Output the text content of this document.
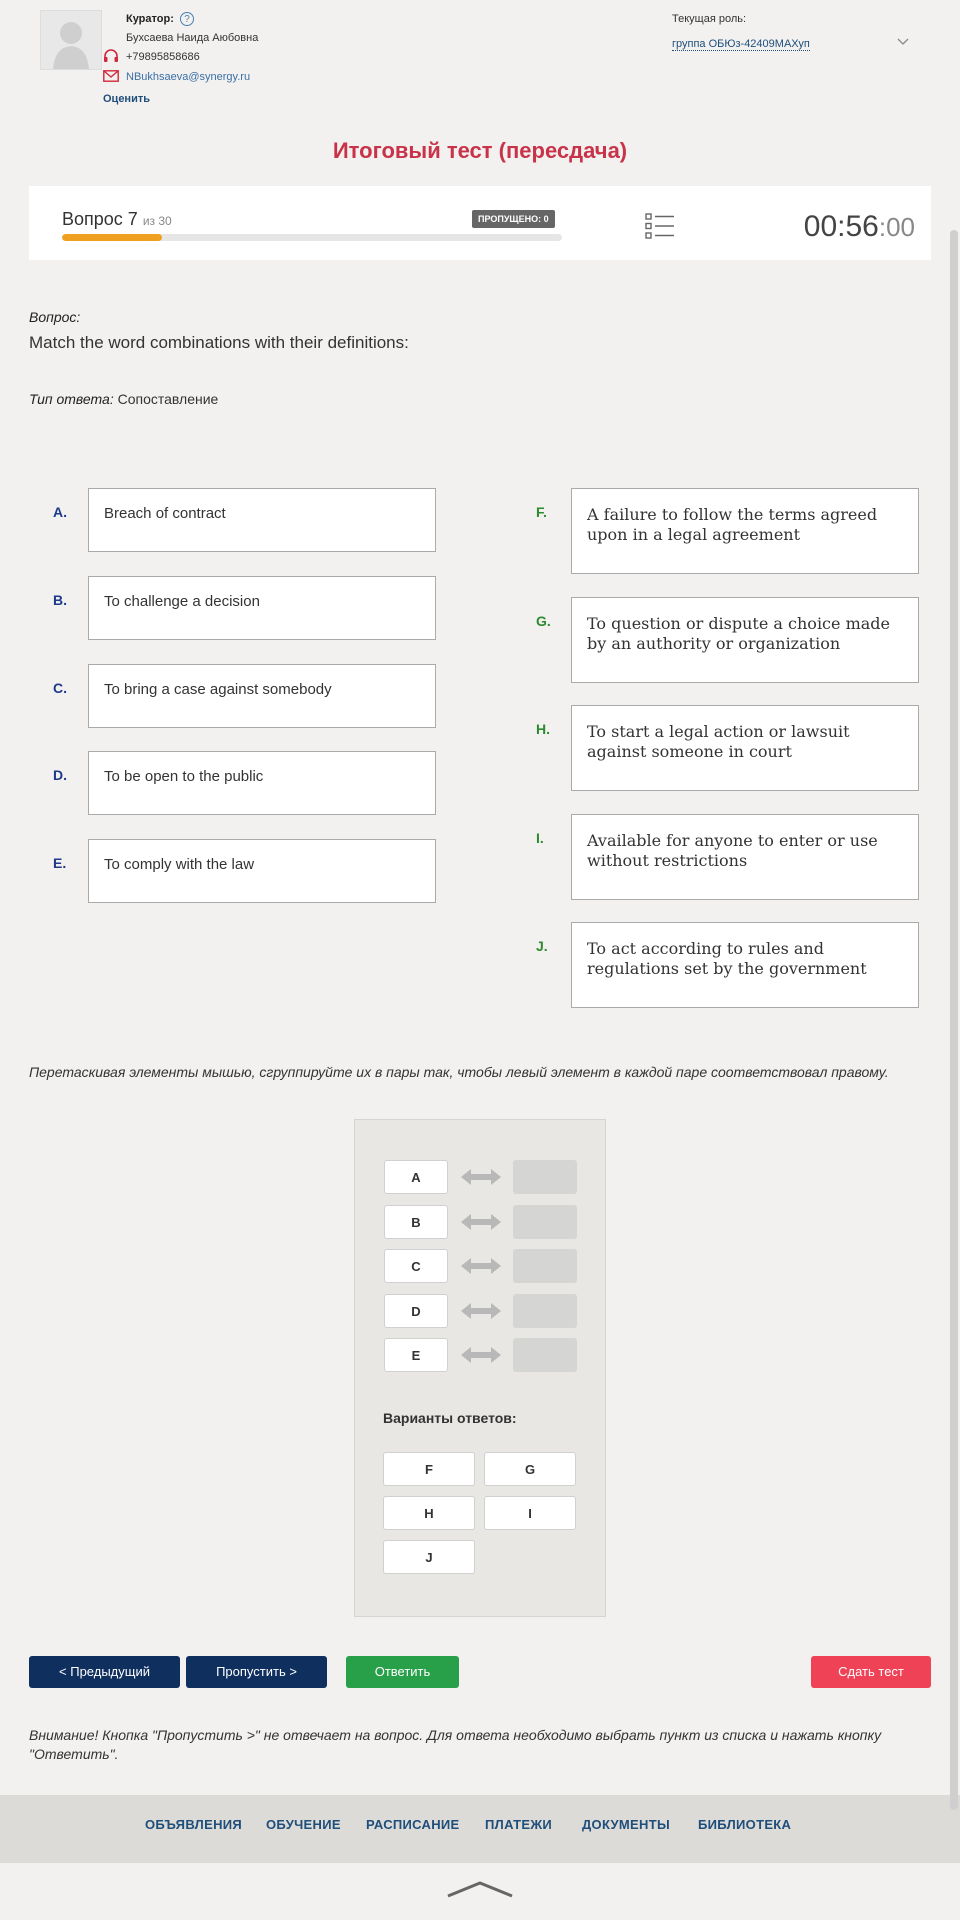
Куратор:	?
Бухсаева Наида Аюбовна
+79895858686
NBukhsaeva@synergy.ru
Оценить
Текущая роль:
группа ОБЮз-42409МАХуп
Итоговый тест (пересдача)
Вопрос 7 из 30	ПРОПУЩЕНО: 0	00:56:00
Вопрос:
Match the word combinations with their definitions:
Тип ответа: Сопоставление
A.	Breach of contract
B.	To challenge a decision
C.	To bring a case against somebody
D.	To be open to the public
E.	To comply with the law
F.	A failure to follow the terms agreed upon in a legal agreement
G.	To question or dispute a choice made by an authority or organization
H.	To start a legal action or lawsuit against someone in court
I.	Available for anyone to enter or use without restrictions
J.	To act according to rules and regulations set by the government
Перетаскивая элементы мышью, сгруппируйте их в пары так, чтобы левый элемент в каждой паре соответствовал правому.
A
B
C
D
E
Варианты ответов:
F	G
H	I
J
< Предыдущий	Пропустить >	Ответить	Сдать тест
Внимание! Кнопка "Пропустить >" не отвечает на вопрос. Для ответа необходимо выбрать пункт из списка и нажать кнопку "Ответить".
ОБЪЯВЛЕНИЯ ОБУЧЕНИЕ РАСПИСАНИЕ ПЛАТЕЖИ ДОКУМЕНТЫ БИБЛИОТЕКА
